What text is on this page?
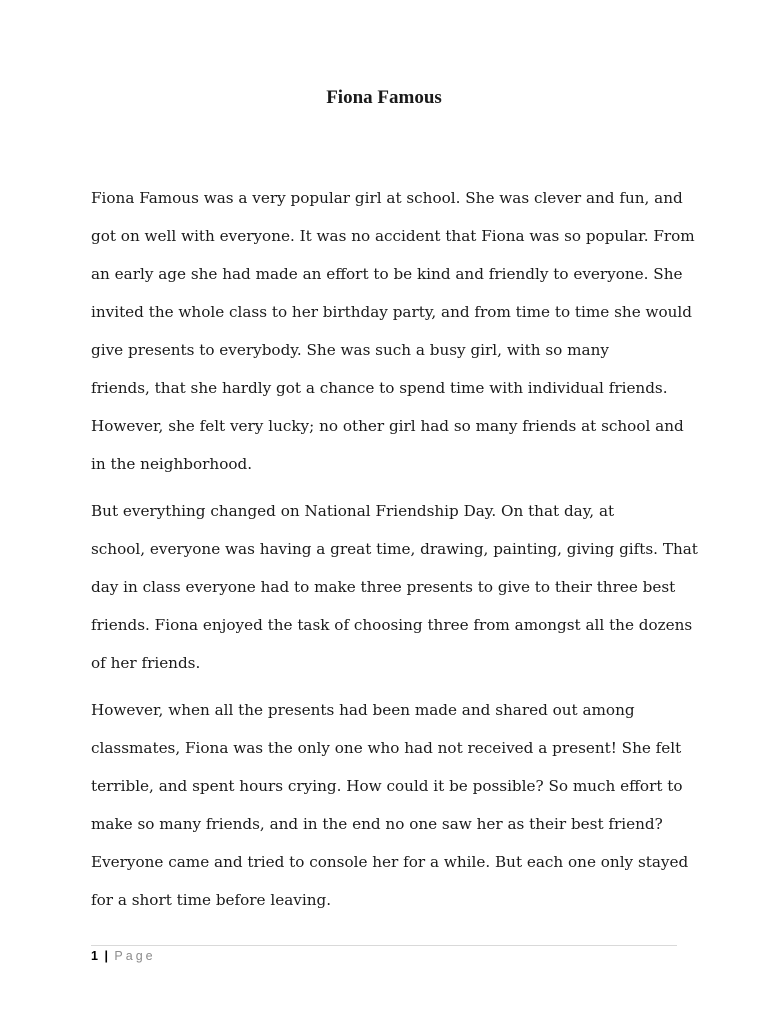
Fiona Famous

Fiona Famous was a very popular girl at school. She was clever and fun, and
got on well with everyone. It was no accident that Fiona was so popular. From
an early age she had made an effort to be kind and friendly to everyone. She
invited the whole class to her birthday party, and from time to time she would
give presents to everybody. She was such a busy girl, with so many
friends, that she hardly got a chance to spend time with individual friends.
However, she felt very lucky; no other girl had so many friends at school and
in the neighborhood.

But everything changed on National Friendship Day. On that day, at
school, everyone was having a great time, drawing, painting, giving gifts. That
day in class everyone had to make three presents to give to their three best
friends. Fiona enjoyed the task of choosing three from amongst all the dozens
of her friends.

However, when all the presents had been made and shared out among
classmates, Fiona was the only one who had not received a present! She felt
terrible, and spent hours crying. How could it be possible? So much effort to
make so many friends, and in the end no one saw her as their best friend?
Everyone came and tried to console her for a while. But each one only stayed
for a short time before leaving.

1 | Page
